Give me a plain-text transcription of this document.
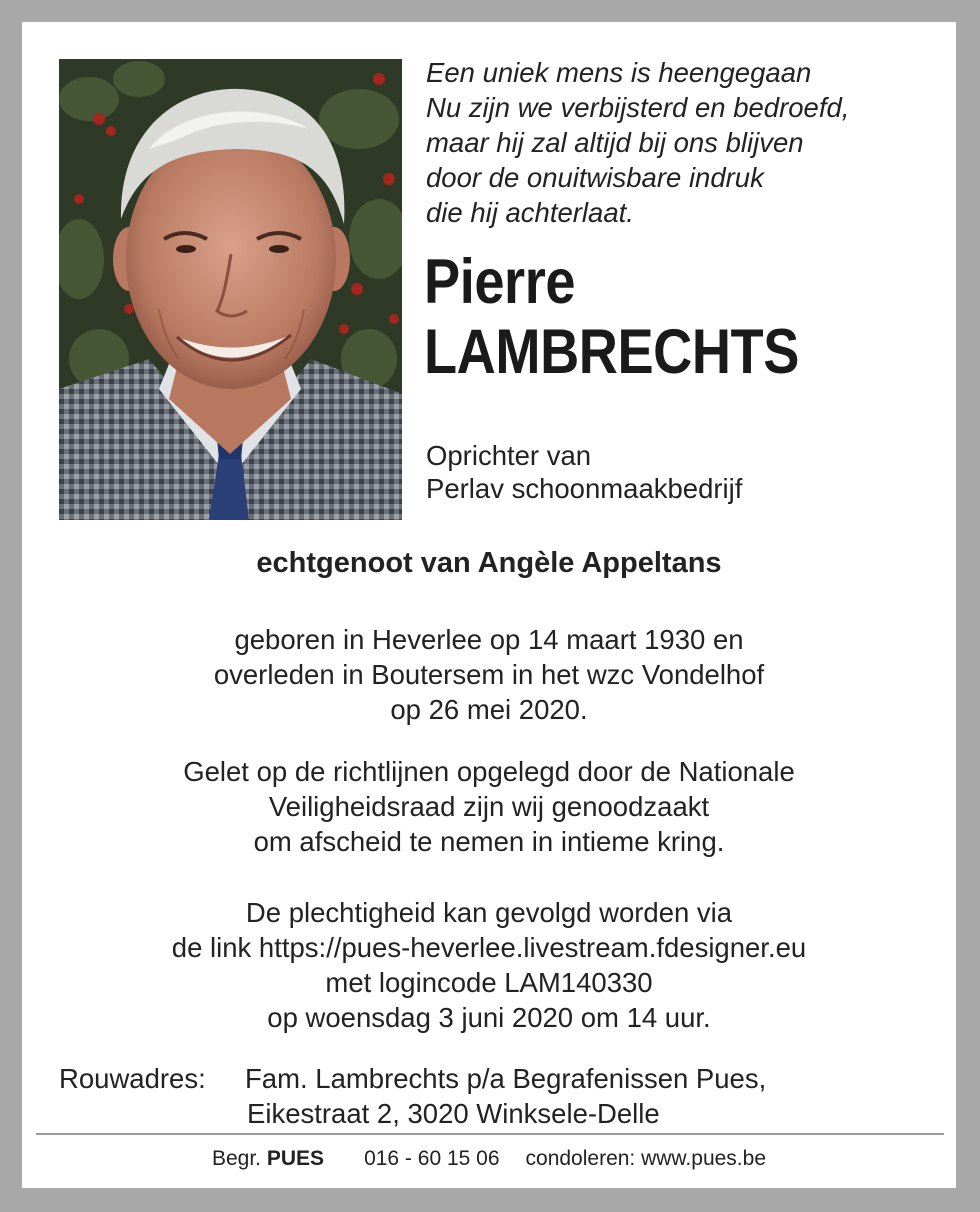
Een uniek mens is heengegaan
Nu zijn we verbijsterd en bedroefd,
maar hij zal altijd bij ons blijven
door de onuitwisbare indruk
die hij achterlaat.
Pierre
LAMBRECHTS
Oprichter van
Perlav schoonmaakbedrijf
echtgenoot van Angèle Appeltans
geboren in Heverlee op 14 maart 1930 en
overleden in Boutersem in het wzc Vondelhof
op 26 mei 2020.
Gelet op de richtlijnen opgelegd door de Nationale
Veiligheidsraad zijn wij genoodzaakt
om afscheid te nemen in intieme kring.
De plechtigheid kan gevolgd worden via
de link https://pues-heverlee.livestream.fdesigner.eu
met logincode LAM140330
op woensdag 3 juni 2020 om 14 uur.
Rouwadres: Fam. Lambrechts p/a Begrafenissen Pues,
Eikestraat 2, 3020 Winksele-Delle
Begr. PUES 016 - 60 15 06 condoleren: www.pues.be
